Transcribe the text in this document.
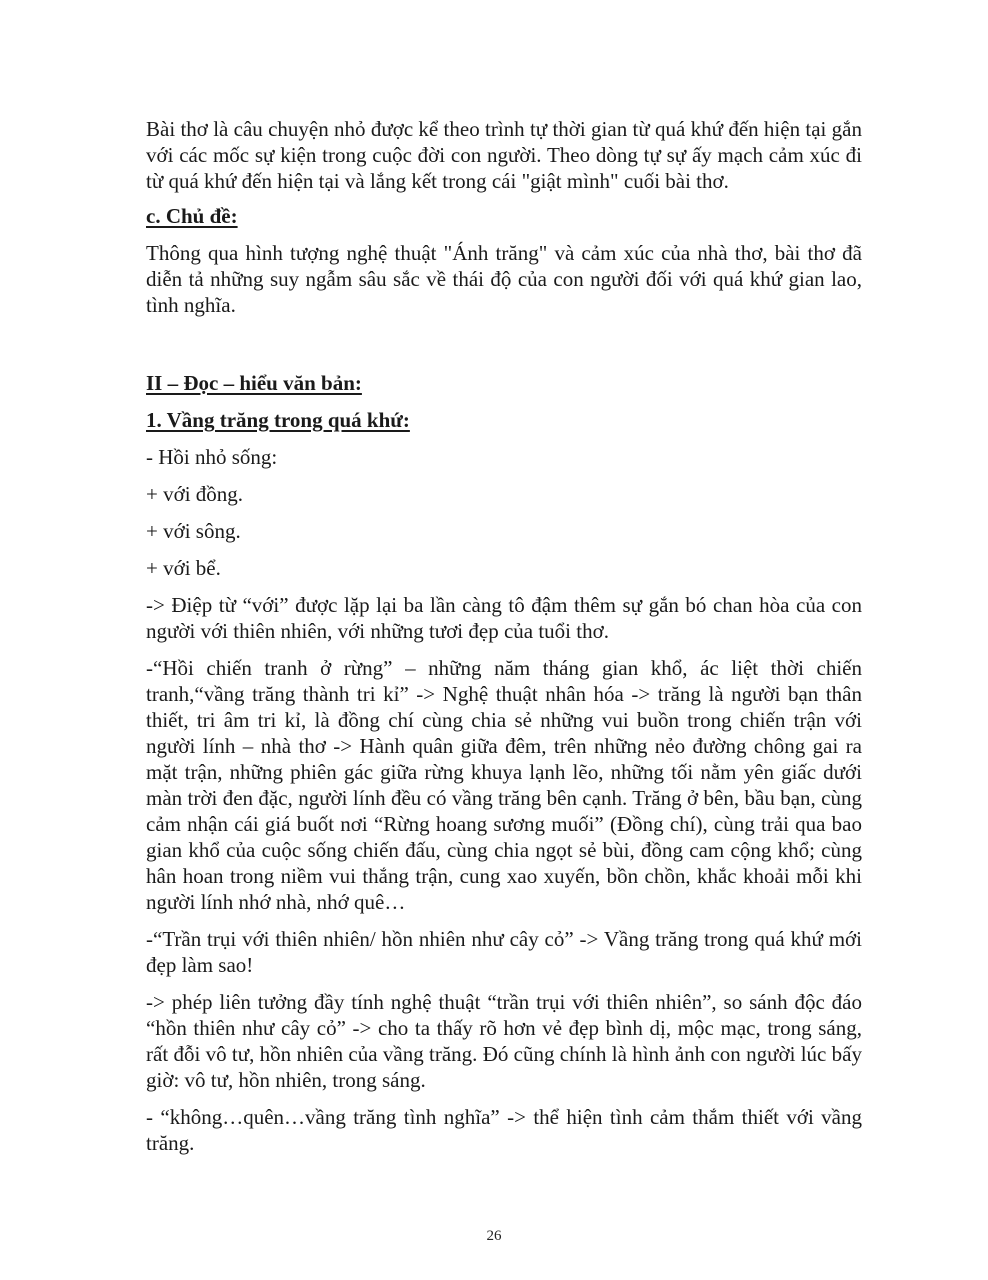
Bài thơ là câu chuyện nhỏ được kể theo trình tự thời gian từ quá khứ đến hiện tại gắn với các mốc sự kiện trong cuộc đời con người. Theo dòng tự sự ấy mạch cảm xúc đi từ quá khứ đến hiện tại và lắng kết trong cái "giật mình" cuối bài thơ.

c. Chủ đề:

Thông qua hình tượng nghệ thuật "Ánh trăng" và cảm xúc của nhà thơ, bài thơ đã diễn tả những suy ngẫm sâu sắc về thái độ của con người đối với quá khứ gian lao, tình nghĩa.

II – Đọc – hiểu văn bản:

1. Vầng trăng trong quá khứ:

- Hồi nhỏ sống:

+ với đồng.

+ với sông.

+ với bể.

-> Điệp từ “với” được lặp lại ba lần càng tô đậm thêm sự gắn bó chan hòa của con người với thiên nhiên, với những tươi đẹp của tuổi thơ.

-“Hồi chiến tranh ở rừng” – những năm tháng gian khổ, ác liệt thời chiến tranh,“vầng trăng thành tri kỉ” -> Nghệ thuật nhân hóa -> trăng là người bạn thân thiết, tri âm tri kỉ, là đồng chí cùng chia sẻ những vui buồn trong chiến trận với người lính – nhà thơ -> Hành quân giữa đêm, trên những nẻo đường chông gai ra mặt trận, những phiên gác giữa rừng khuya lạnh lẽo, những tối nằm yên giấc dưới màn trời đen đặc, người lính đều có vầng trăng bên cạnh. Trăng ở bên, bầu bạn, cùng cảm nhận cái giá buốt nơi “Rừng hoang sương muối” (Đồng chí), cùng trải qua bao gian khổ của cuộc sống chiến đấu, cùng chia ngọt sẻ bùi, đồng cam cộng khổ; cùng hân hoan trong niềm vui thắng trận, cung xao xuyến, bồn chồn, khắc khoải mỗi khi người lính nhớ nhà, nhớ quê…

-“Trần trụi với thiên nhiên/ hồn nhiên như cây cỏ” -> Vầng trăng trong quá khứ mới đẹp làm sao!

-> phép liên tưởng đầy tính nghệ thuật “trần trụi với thiên nhiên”, so sánh độc đáo “hồn thiên như cây cỏ” -> cho ta thấy rõ hơn vẻ đẹp bình dị, mộc mạc, trong sáng, rất đỗi vô tư, hồn nhiên của vầng trăng. Đó cũng chính là hình ảnh con người lúc bấy giờ: vô tư, hồn nhiên, trong sáng.

- “không…quên…vầng trăng tình nghĩa” -> thể hiện tình cảm thắm thiết với vầng trăng.

26
